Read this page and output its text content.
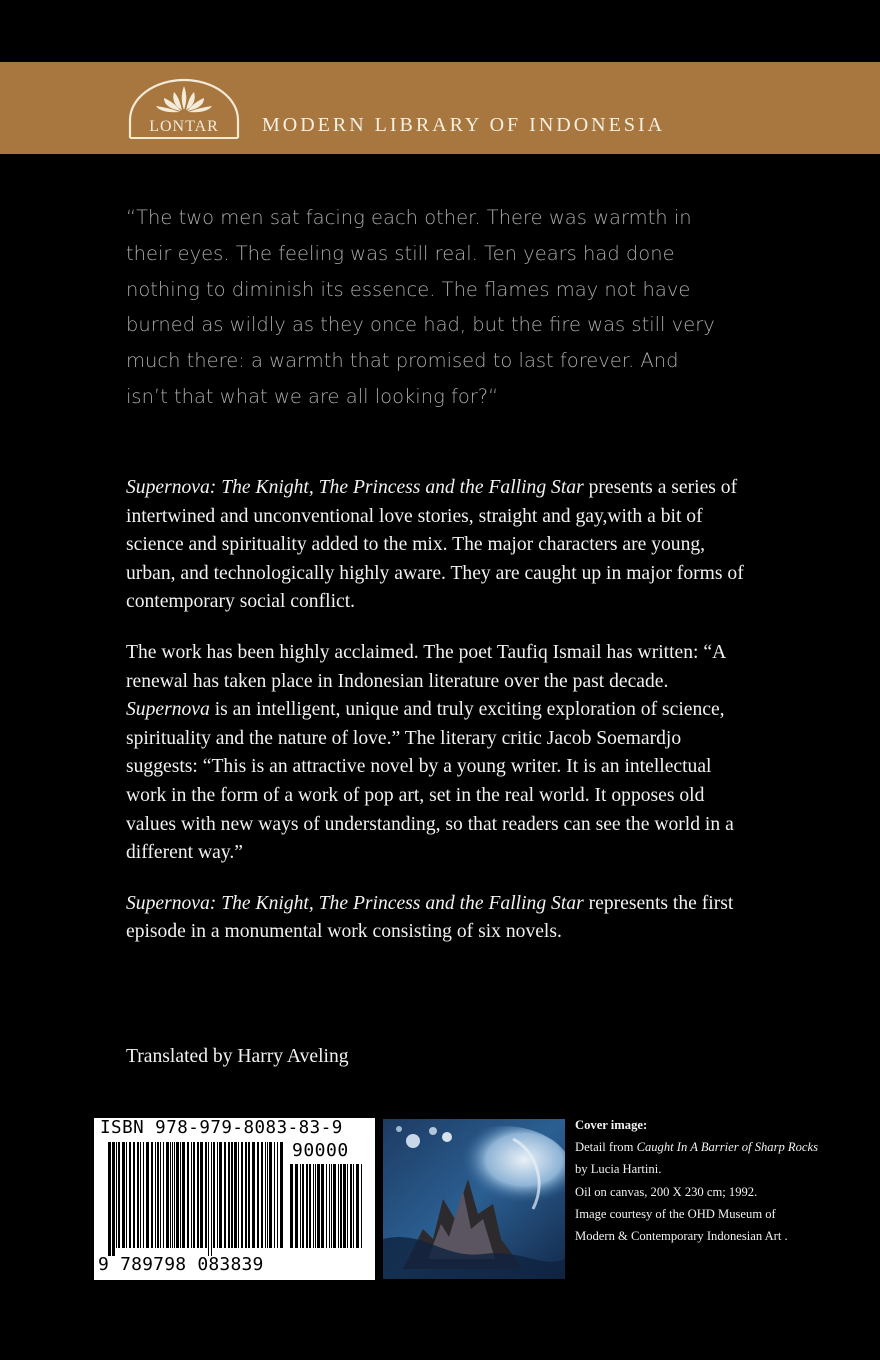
LONTAR	MODERN LIBRARY OF INDONESIA
“The two men sat facing each other. There was warmth in their eyes. The feeling was still real. Ten years had done nothing to diminish its essence. The flames may not have burned as wildly as they once had, but the fire was still very much there: a warmth that promised to last forever. And isn’t that what we are all looking for?“

Supernova: The Knight, The Princess and the Falling Star presents a series of intertwined and unconventional love stories, straight and gay,with a bit of science and spirituality added to the mix. The major characters are young, urban, and technologically highly aware. They are caught up in major forms of contemporary social conflict.

The work has been highly acclaimed. The poet Taufiq Ismail has written: “A renewal has taken place in Indonesian literature over the past decade. Supernova is an intelligent, unique and truly exciting exploration of science, spirituality and the nature of love.” The literary critic Jacob Soemardjo suggests: “This is an attractive novel by a young writer. It is an intellectual work in the form of a work of pop art, set in the real world. It opposes old values with new ways of understanding, so that readers can see the world in a different way.”

Supernova: The Knight, The Princess and the Falling Star represents the first episode in a monumental work consisting of six novels.

Translated by Harry Aveling
ISBN 978-979-8083-83-9
90000
9 789798 083839
Cover image:
Detail from Caught In A Barrier of Sharp Rocks
by Lucia Hartini.
Oil on canvas, 200 X 230 cm; 1992.
Image courtesy of the OHD Museum of
Modern & Contemporary Indonesian Art .
